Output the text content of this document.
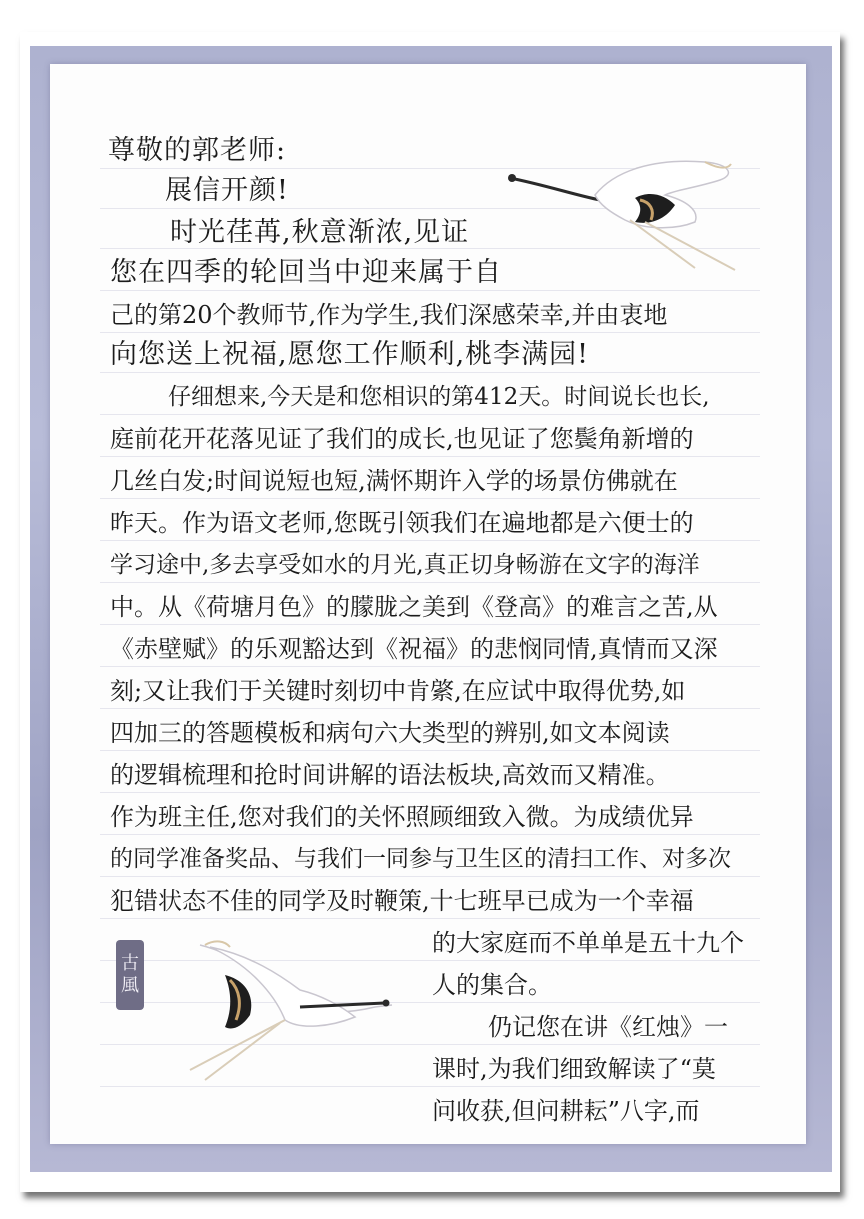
古
風
尊敬的郭老师:
展信开颜!
时光荏苒,秋意渐浓,见证
您在四季的轮回当中迎来属于自
己的第20个教师节,作为学生,我们深感荣幸,并由衷地
向您送上祝福,愿您工作顺利,桃李满园!
仔细想来,今天是和您相识的第412天。时间说长也长,
庭前花开花落见证了我们的成长,也见证了您鬓角新增的
几丝白发;时间说短也短,满怀期许入学的场景仿佛就在
昨天。作为语文老师,您既引领我们在遍地都是六便士的
学习途中,多去享受如水的月光,真正切身畅游在文字的海洋
中。从《荷塘月色》的朦胧之美到《登高》的难言之苦,从
《赤壁赋》的乐观豁达到《祝福》的悲悯同情,真情而又深
刻;又让我们于关键时刻切中肯綮,在应试中取得优势,如
四加三的答题模板和病句六大类型的辨别,如文本阅读
的逻辑梳理和抢时间讲解的语法板块,高效而又精准。
作为班主任,您对我们的关怀照顾细致入微。为成绩优异
的同学准备奖品、与我们一同参与卫生区的清扫工作、对多次
犯错状态不佳的同学及时鞭策,十七班早已成为一个幸福
的大家庭而不单单是五十九个
人的集合。
仍记您在讲《红烛》一
课时,为我们细致解读了“莫
问收获,但问耕耘”八字,而
